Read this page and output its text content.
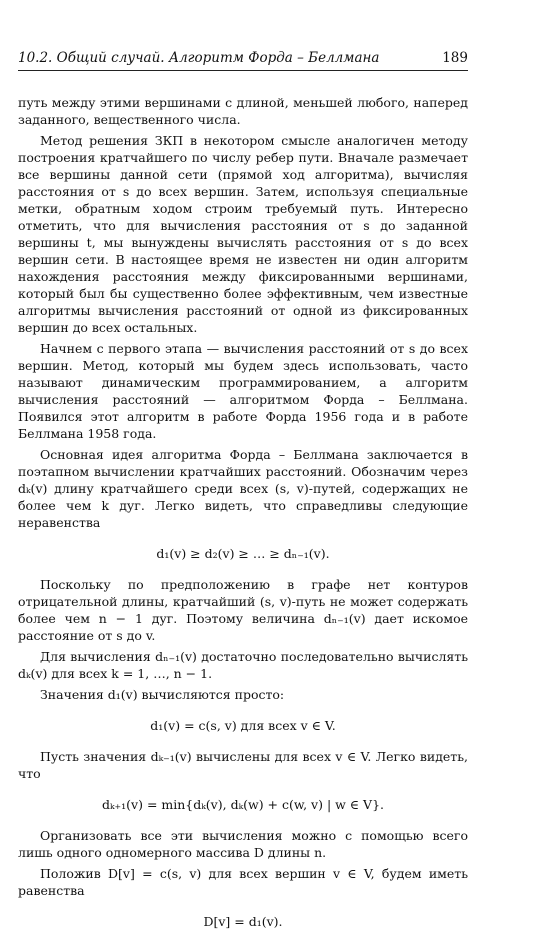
10.2. Общий случай. Алгоритм Форда – Беллмана	189

путь между этими вершинами с длиной, меньшей любого, наперед заданного, вещественного числа.

Метод решения ЗКП в некотором смысле аналогичен методу построения кратчайшего по числу ребер пути. Вначале размечает все вершины данной сети (прямой ход алгоритма), вычисляя расстояния от s до всех вершин. Затем, используя специальные метки, обратным ходом строим требуемый путь. Интересно отметить, что для вычисления расстояния от s до заданной вершины t, мы вынуждены вычислять расстояния от s до всех вершин сети. В настоящее время не известен ни один алгоритм нахождения расстояния между фиксированными вершинами, который был бы существенно более эффективным, чем известные алгоритмы вычисления расстояний от одной из фиксированных вершин до всех остальных.

Начнем с первого этапа — вычисления расстояний от s до всех вершин. Метод, который мы будем здесь использовать, часто называют динамическим программированием, а алгоритм вычисления расстояний — алгоритмом Форда – Беллмана. Появился этот алгоритм в работе Форда 1956 года и в работе Беллмана 1958 года.

Основная идея алгоритма Форда – Беллмана заключается в поэтапном вычислении кратчайших расстояний. Обозначим через dₖ(v) длину кратчайшего среди всех (s, v)-путей, содержащих не более чем k дуг. Легко видеть, что справедливы следующие неравенства

d₁(v) ≥ d₂(v) ≥ … ≥ dₙ₋₁(v).

Поскольку по предположению в графе нет контуров отрицательной длины, кратчайший (s, v)-путь не может содержать более чем n − 1 дуг. Поэтому величина dₙ₋₁(v) дает искомое расстояние от s до v.

Для вычисления dₙ₋₁(v) достаточно последовательно вычислять dₖ(v) для всех k = 1, …, n − 1.

Значения d₁(v) вычисляются просто:

d₁(v) = c(s, v) для всех v ∈ V.

Пусть значения dₖ₋₁(v) вычислены для всех v ∈ V. Легко видеть, что

dₖ₊₁(v) = min{dₖ(v), dₖ(w) + c(w, v) | w ∈ V}.

Организовать все эти вычисления можно с помощью всего лишь одного одномерного массива D длины n.

Положив D[v] = c(s, v) для всех вершин v ∈ V, будем иметь равенства

D[v] = d₁(v).
